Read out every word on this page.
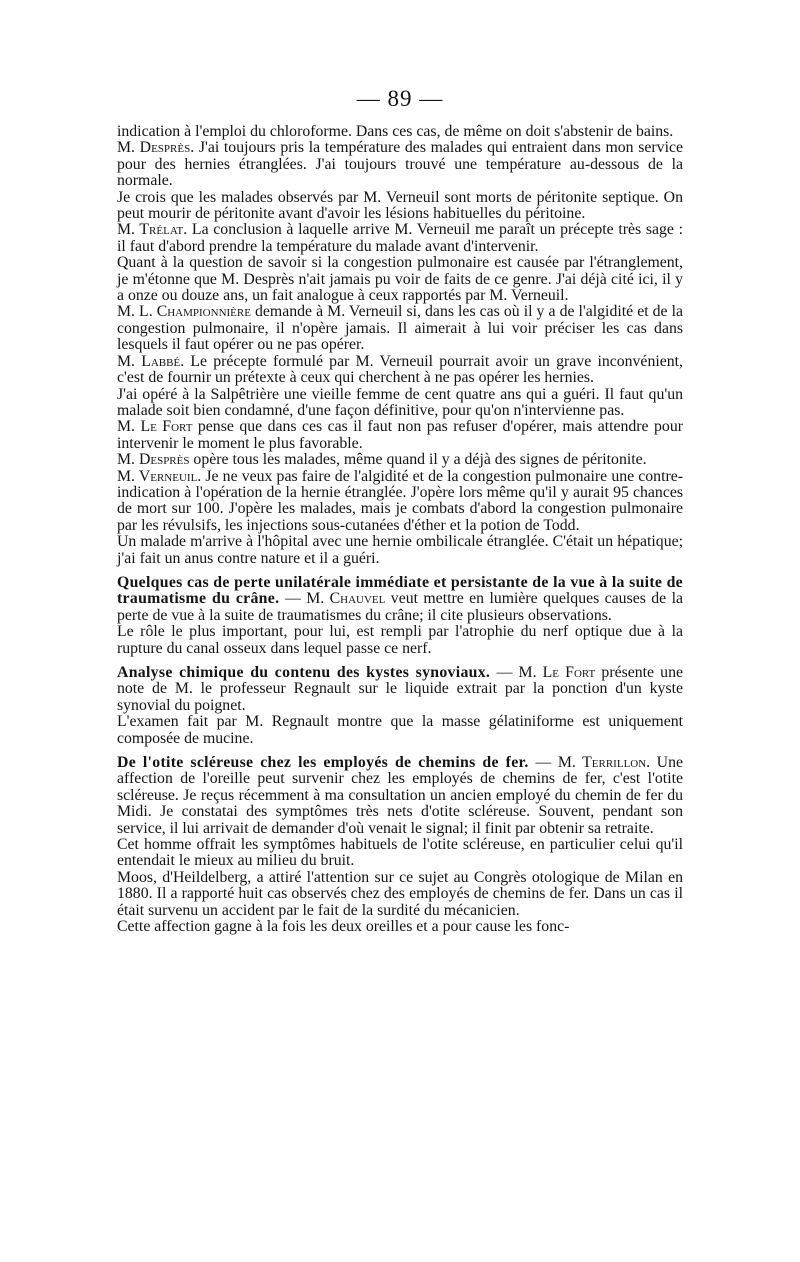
— 89 —

indication à l'emploi du chloroforme. Dans ces cas, de même on doit s'abstenir de bains.

M. Desprès. J'ai toujours pris la température des malades qui entraient dans mon service pour des hernies étranglées. J'ai toujours trouvé une température au-dessous de la normale.

Je crois que les malades observés par M. Verneuil sont morts de péritonite septique. On peut mourir de péritonite avant d'avoir les lésions habituelles du péritoine.

M. Trélat. La conclusion à laquelle arrive M. Verneuil me paraît un précepte très sage : il faut d'abord prendre la température du malade avant d'intervenir.

Quant à la question de savoir si la congestion pulmonaire est causée par l'étranglement, je m'étonne que M. Desprès n'ait jamais pu voir de faits de ce genre. J'ai déjà cité ici, il y a onze ou douze ans, un fait analogue à ceux rapportés par M. Verneuil.

M. L. Championnière demande à M. Verneuil si, dans les cas où il y a de l'algidité et de la congestion pulmonaire, il n'opère jamais. Il aimerait à lui voir préciser les cas dans lesquels il faut opérer ou ne pas opérer.

M. Labbé. Le précepte formulé par M. Verneuil pourrait avoir un grave inconvénient, c'est de fournir un prétexte à ceux qui cherchent à ne pas opérer les hernies.

J'ai opéré à la Salpêtrière une vieille femme de cent quatre ans qui a guéri. Il faut qu'un malade soit bien condamné, d'une façon définitive, pour qu'on n'intervienne pas.

M. Le Fort pense que dans ces cas il faut non pas refuser d'opérer, mais attendre pour intervenir le moment le plus favorable.

M. Desprès opère tous les malades, même quand il y a déjà des signes de péritonite.

M. Verneuil. Je ne veux pas faire de l'algidité et de la congestion pulmonaire une contre-indication à l'opération de la hernie étranglée. J'opère lors même qu'il y aurait 95 chances de mort sur 100. J'opère les malades, mais je combats d'abord la congestion pulmonaire par les révulsifs, les injections sous-cutanées d'éther et la potion de Todd.

Un malade m'arrive à l'hôpital avec une hernie ombilicale étranglée. C'était un hépatique; j'ai fait un anus contre nature et il a guéri.

Quelques cas de perte unilatérale immédiate et persistante de la vue à la suite de traumatisme du crâne. — M. Chauvel veut mettre en lumière quelques causes de la perte de vue à la suite de traumatismes du crâne; il cite plusieurs observations.

Le rôle le plus important, pour lui, est rempli par l'atrophie du nerf optique due à la rupture du canal osseux dans lequel passe ce nerf.

Analyse chimique du contenu des kystes synoviaux. — M. Le Fort présente une note de M. le professeur Regnault sur le liquide extrait par la ponction d'un kyste synovial du poignet.

L'examen fait par M. Regnault montre que la masse gélatiniforme est uniquement composée de mucine.

De l'otite scléreuse chez les employés de chemins de fer. — M. Terrillon. Une affection de l'oreille peut survenir chez les employés de chemins de fer, c'est l'otite scléreuse. Je reçus récemment à ma consultation un ancien employé du chemin de fer du Midi. Je constatai des symptômes très nets d'otite scléreuse. Souvent, pendant son service, il lui arrivait de demander d'où venait le signal; il finit par obtenir sa retraite.

Cet homme offrait les symptômes habituels de l'otite scléreuse, en particulier celui qu'il entendait le mieux au milieu du bruit.

Moos, d'Heildelberg, a attiré l'attention sur ce sujet au Congrès otologique de Milan en 1880. Il a rapporté huit cas observés chez des employés de chemins de fer. Dans un cas il était survenu un accident par le fait de la surdité du mécanicien.

Cette affection gagne à la fois les deux oreilles et a pour cause les fonc-
